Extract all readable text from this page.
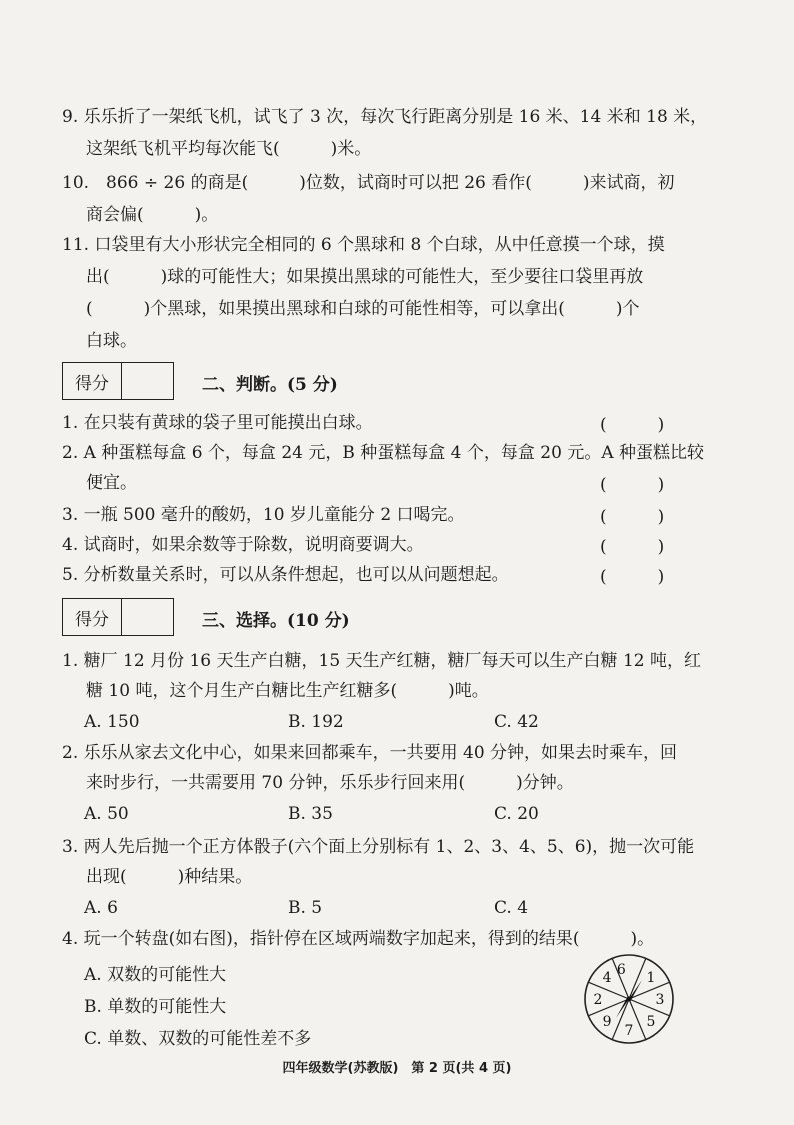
9. 乐乐折了一架纸飞机，试飞了 3 次，每次飞行距离分别是 16 米、14 米和 18 米，
这架纸飞机平均每次能飞(　　　)米。
10.　866 ÷ 26 的商是(　　　)位数，试商时可以把 26 看作(　　　)来试商，初
商会偏(　　　)。
11. 口袋里有大小形状完全相同的 6 个黑球和 8 个白球，从中任意摸一个球，摸
出(　　　)球的可能性大；如果摸出黑球的可能性大，至少要往口袋里再放
(　　　)个黑球，如果摸出黑球和白球的可能性相等，可以拿出(　　　)个
白球。
得分	二、判断。(5 分)
1. 在只装有黄球的袋子里可能摸出白球。	(　　　)
2. A 种蛋糕每盒 6 个，每盒 24 元，B 种蛋糕每盒 4 个，每盒 20 元。A 种蛋糕比较
便宜。	(　　　)
3. 一瓶 500 毫升的酸奶，10 岁儿童能分 2 口喝完。	(　　　)
4. 试商时，如果余数等于除数，说明商要调大。	(　　　)
5. 分析数量关系时，可以从条件想起，也可以从问题想起。	(　　　)
得分	三、选择。(10 分)
1. 糖厂 12 月份 16 天生产白糖，15 天生产红糖，糖厂每天可以生产白糖 12 吨，红
糖 10 吨，这个月生产白糖比生产红糖多(　　　)吨。
A. 150	B. 192	C. 42
2. 乐乐从家去文化中心，如果来回都乘车，一共要用 40 分钟，如果去时乘车，回
来时步行，一共需要用 70 分钟，乐乐步行回来用(　　　)分钟。
A. 50	B. 35	C. 20
3. 两人先后抛一个正方体骰子(六个面上分别标有 1、2、3、4、5、6)，抛一次可能
出现(　　　)种结果。
A. 6	B. 5	C. 4
4. 玩一个转盘(如右图)，指针停在区域两端数字加起来，得到的结果(　　　)。
A. 双数的可能性大
B. 单数的可能性大
C. 单数、双数的可能性差不多
6
1
3
5
7
9
2
4
四年级数学(苏教版)　第 2 页(共 4 页)
